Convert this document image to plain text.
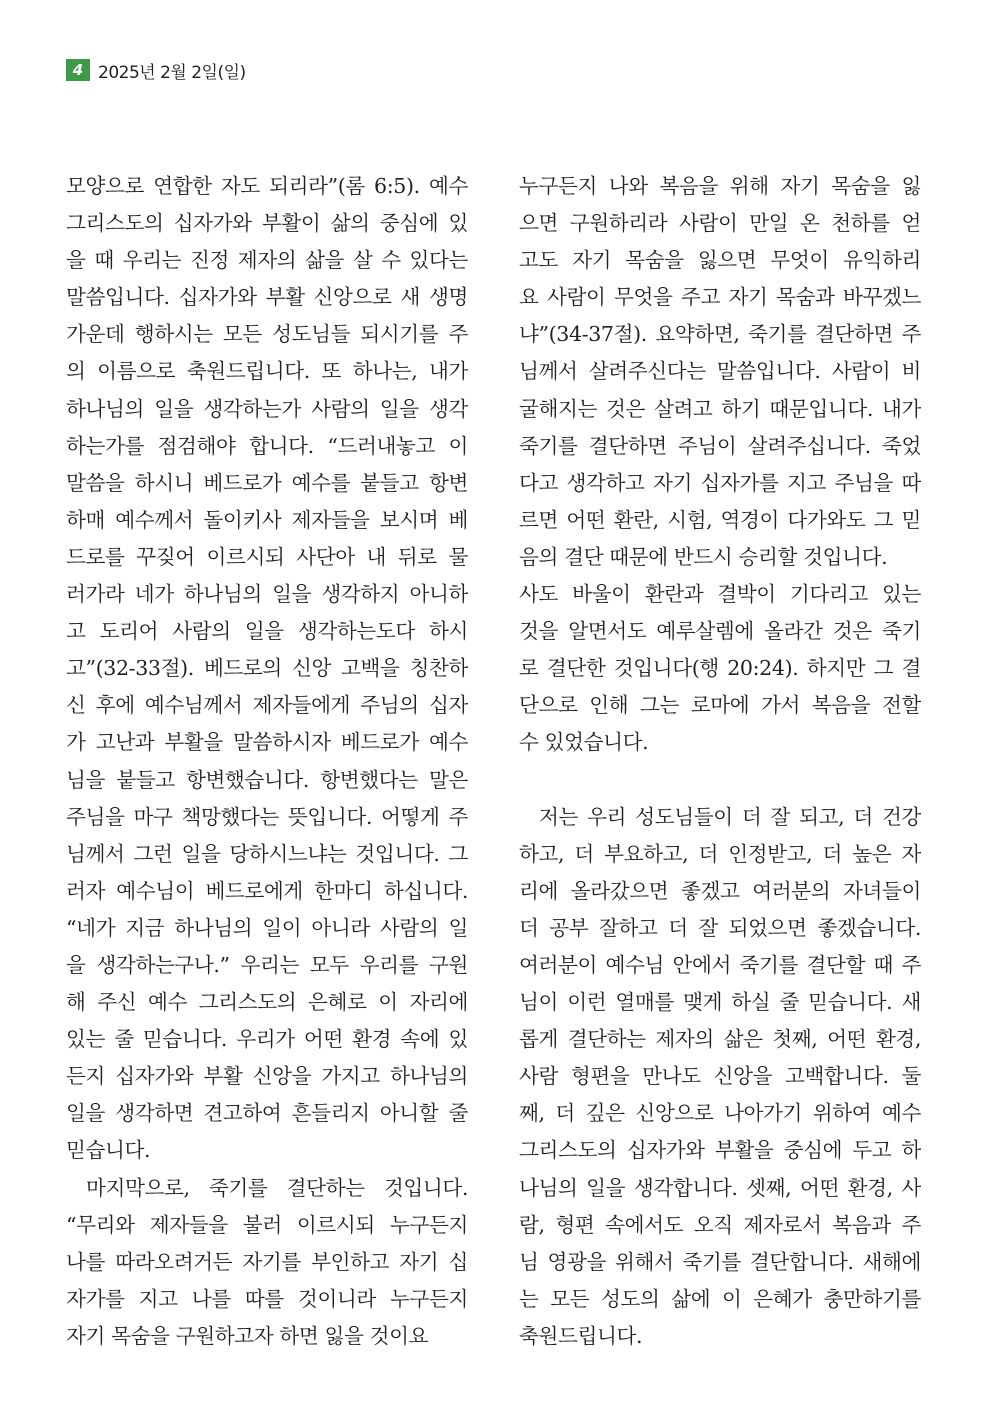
4 2025년 2월 2일(일)
모양으로 연합한 자도 되리라”(롬 6:5). 예수
그리스도의 십자가와 부활이 삶의 중심에 있
을 때 우리는 진정 제자의 삶을 살 수 있다는
말씀입니다. 십자가와 부활 신앙으로 새 생명
가운데 행하시는 모든 성도님들 되시기를 주
의 이름으로 축원드립니다. 또 하나는, 내가
하나님의 일을 생각하는가 사람의 일을 생각
하는가를 점검해야 합니다. “드러내놓고 이
말씀을 하시니 베드로가 예수를 붙들고 항변
하매 예수께서 돌이키사 제자들을 보시며 베
드로를 꾸짖어 이르시되 사단아 내 뒤로 물
러가라 네가 하나님의 일을 생각하지 아니하
고 도리어 사람의 일을 생각하는도다 하시
고”(32-33절). 베드로의 신앙 고백을 칭찬하
신 후에 예수님께서 제자들에게 주님의 십자
가 고난과 부활을 말씀하시자 베드로가 예수
님을 붙들고 항변했습니다. 항변했다는 말은
주님을 마구 책망했다는 뜻입니다. 어떻게 주
님께서 그런 일을 당하시느냐는 것입니다. 그
러자 예수님이 베드로에게 한마디 하십니다.
“네가 지금 하나님의 일이 아니라 사람의 일
을 생각하는구나.” 우리는 모두 우리를 구원
해 주신 예수 그리스도의 은혜로 이 자리에
있는 줄 믿습니다. 우리가 어떤 환경 속에 있
든지 십자가와 부활 신앙을 가지고 하나님의
일을 생각하면 견고하여 흔들리지 아니할 줄
믿습니다.
마지막으로, 죽기를 결단하는 것입니다.
“무리와 제자들을 불러 이르시되 누구든지
나를 따라오려거든 자기를 부인하고 자기 십
자가를 지고 나를 따를 것이니라 누구든지
자기 목숨을 구원하고자 하면 잃을 것이요
누구든지 나와 복음을 위해 자기 목숨을 잃
으면 구원하리라 사람이 만일 온 천하를 얻
고도 자기 목숨을 잃으면 무엇이 유익하리
요 사람이 무엇을 주고 자기 목숨과 바꾸겠느
냐”(34-37절). 요약하면, 죽기를 결단하면 주
님께서 살려주신다는 말씀입니다. 사람이 비
굴해지는 것은 살려고 하기 때문입니다. 내가
죽기를 결단하면 주님이 살려주십니다. 죽었
다고 생각하고 자기 십자가를 지고 주님을 따
르면 어떤 환란, 시험, 역경이 다가와도 그 믿
음의 결단 때문에 반드시 승리할 것입니다.
사도 바울이 환란과 결박이 기다리고 있는
것을 알면서도 예루살렘에 올라간 것은 죽기
로 결단한 것입니다(행 20:24). 하지만 그 결
단으로 인해 그는 로마에 가서 복음을 전할
수 있었습니다.
저는 우리 성도님들이 더 잘 되고, 더 건강
하고, 더 부요하고, 더 인정받고, 더 높은 자
리에 올라갔으면 좋겠고 여러분의 자녀들이
더 공부 잘하고 더 잘 되었으면 좋겠습니다.
여러분이 예수님 안에서 죽기를 결단할 때 주
님이 이런 열매를 맺게 하실 줄 믿습니다. 새
롭게 결단하는 제자의 삶은 첫째, 어떤 환경,
사람 형편을 만나도 신앙을 고백합니다. 둘
째, 더 깊은 신앙으로 나아가기 위하여 예수
그리스도의 십자가와 부활을 중심에 두고 하
나님의 일을 생각합니다. 셋째, 어떤 환경, 사
람, 형편 속에서도 오직 제자로서 복음과 주
님 영광을 위해서 죽기를 결단합니다. 새해에
는 모든 성도의 삶에 이 은혜가 충만하기를
축원드립니다.
